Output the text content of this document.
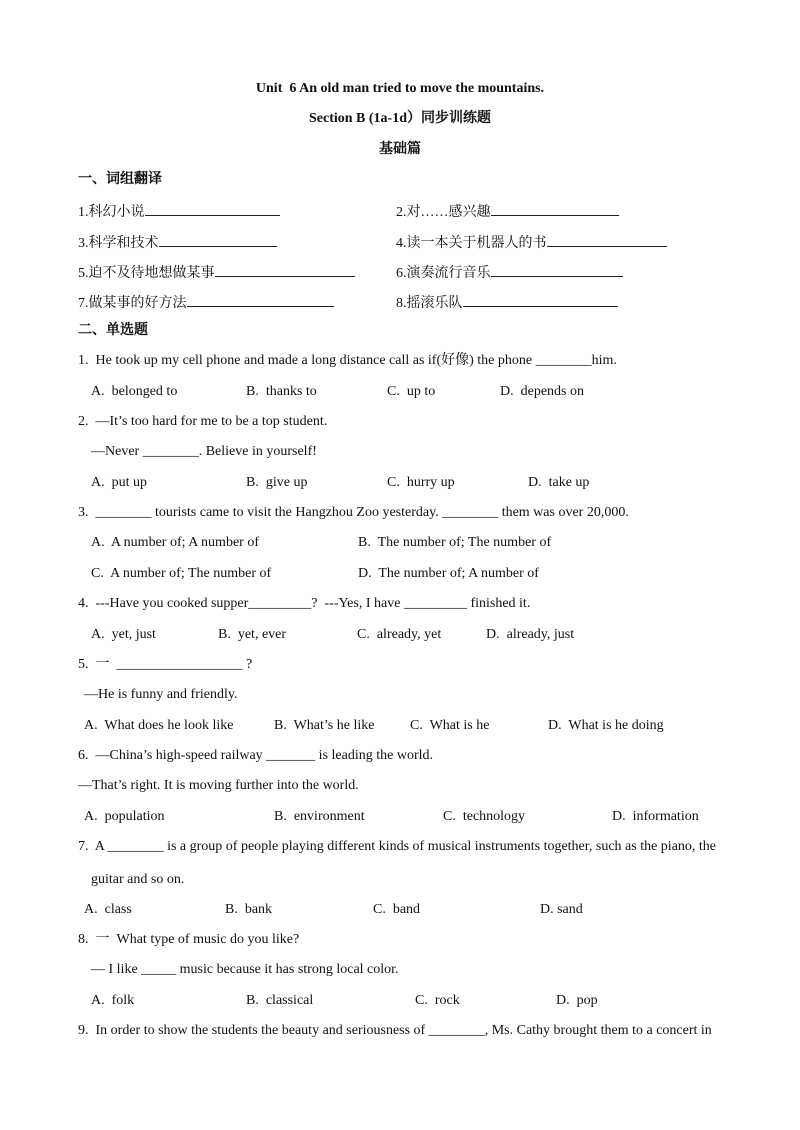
Unit  6 An old man tried to move the mountains.
Section B (1a-1d）同步训练题
基础篇
一、词组翻译
1.科幻小说	2.对……感兴趣
3.科学和技术	4.读一本关于机器人的书
5.迫不及待地想做某事	6.演奏流行音乐
7.做某事的好方法	8.摇滚乐队
二、单选题
1.  He took up my cell phone and made a long distance call as if(好像) the phone ________him.
A.  belonged to	B.  thanks to	C.  up to	D.  depends on
2.  —It’s too hard for me to be a top student.
—Never ________. Believe in yourself!
A.  put up	B.  give up	C.  hurry up	D.  take up
3.  ________ tourists came to visit the Hangzhou Zoo yesterday. ________ them was over 20,000.
A.  A number of; A number of	B.  The number of; The number of
C.  A number of; The number of	D.  The number of; A number of
4.  ---Have you cooked supper_________?  ---Yes, I have _________ finished it.
A.  yet, just	B.  yet, ever	C.  already, yet	D.  already, just
5.  一  __________________ ?
—He is funny and friendly.
A.  What does he look like	B.  What’s he like	C.  What is he	D.  What is he doing
6.  —China’s high-speed railway _______ is leading the world.
—That’s right. It is moving further into the world.
A.  population	B.  environment	C.  technology	D.  information
7.  A ________ is a group of people playing different kinds of musical instruments together, such as the piano, the
guitar and so on.
A.  class	B.  bank	C.  band	D. sand
8.  一  What type of music do you like?
— I like _____ music because it has strong local color.
A.  folk	B.  classical	C.  rock	D.  pop
9.  In order to show the students the beauty and seriousness of ________, Ms. Cathy brought them to a concert in
